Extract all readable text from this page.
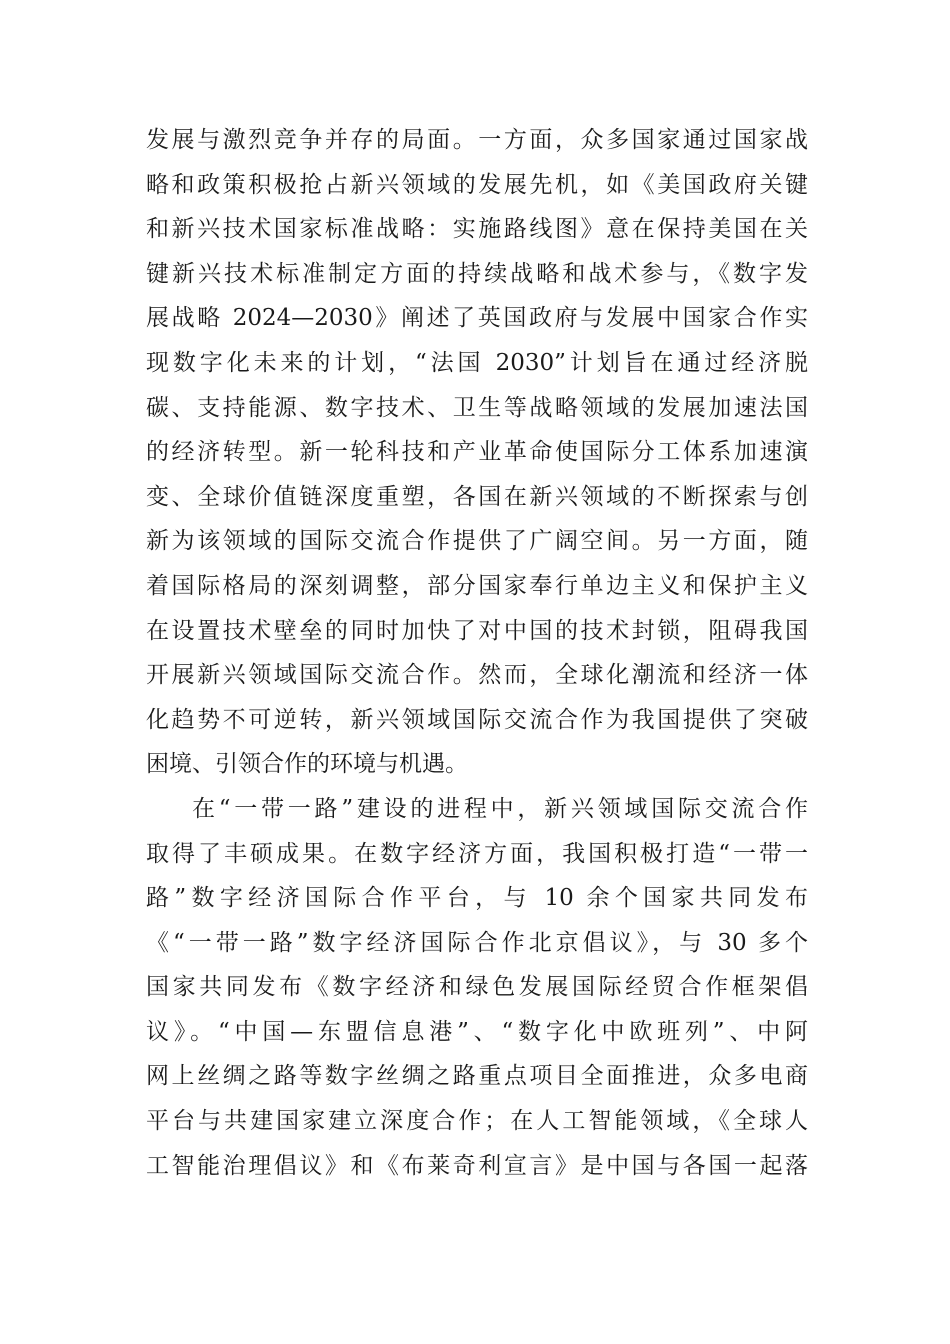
发展与激烈竞争并存的局面。一方面，众多国家通过国家战
略和政策积极抢占新兴领域的发展先机，如《美国政府关键
和新兴技术国家标准战略：实施路线图》意在保持美国在关
键新兴技术标准制定方面的持续战略和战术参与，《数字发
展战略 2024—2030》阐述了英国政府与发展中国家合作实
现数字化未来的计划，“法国 2030”计划旨在通过经济脱
碳、支持能源、数字技术、卫生等战略领域的发展加速法国
的经济转型。新一轮科技和产业革命使国际分工体系加速演
变、全球价值链深度重塑，各国在新兴领域的不断探索与创
新为该领域的国际交流合作提供了广阔空间。另一方面，随
着国际格局的深刻调整，部分国家奉行单边主义和保护主义
在设置技术壁垒的同时加快了对中国的技术封锁，阻碍我国
开展新兴领域国际交流合作。然而，全球化潮流和经济一体
化趋势不可逆转，新兴领域国际交流合作为我国提供了突破
困境、引领合作的环境与机遇。
在“一带一路”建设的进程中，新兴领域国际交流合作
取得了丰硕成果。在数字经济方面，我国积极打造“一带一
路”数字经济国际合作平台，与 10 余个国家共同发布
《“一带一路”数字经济国际合作北京倡议》，与 30 多个
国家共同发布《数字经济和绿色发展国际经贸合作框架倡
议》。“中国—东盟信息港”、“数字化中欧班列”、中阿
网上丝绸之路等数字丝绸之路重点项目全面推进，众多电商
平台与共建国家建立深度合作；在人工智能领域，《全球人
工智能治理倡议》和《布莱奇利宣言》是中国与各国一起落
